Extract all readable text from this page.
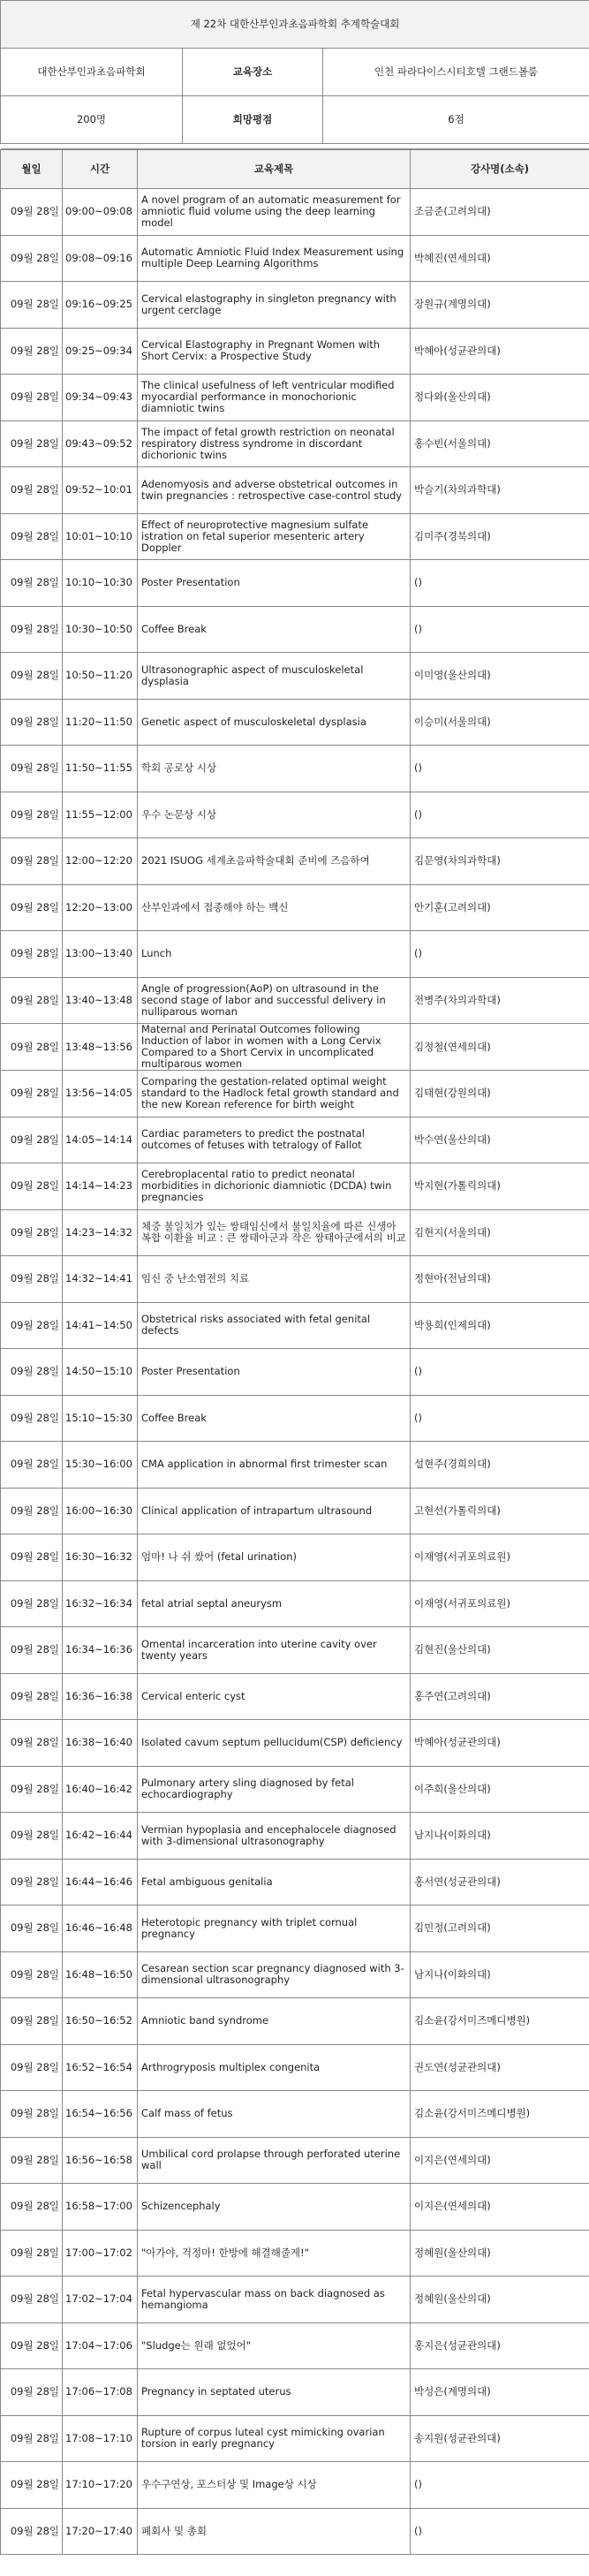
제 22차 대한산부인과초음파학회 추계학술대회		
대한산부인과초음파학회	교육장소	인천 파라다이스시티호텔 그랜드볼룸
200명	희망평점	6점

월일	시간	교육제목	강사명(소속)
09월 28일	09:00~09:08	A novel program of an automatic measurement for amniotic fluid volume using the deep learning model	조금준(고려의대)
09월 28일	09:08~09:16	Automatic Amniotic Fluid Index Measurement using multiple Deep Learning Algorithms	박혜진(연세의대)
09월 28일	09:16~09:25	Cervical elastography in singleton pregnancy with urgent cerclage	장원규(계명의대)
09월 28일	09:25~09:34	Cervical Elastography in Pregnant Women with Short Cervix: a Prospective Study	박혜아(성균관의대)
09월 28일	09:34~09:43	The clinical usefulness of left ventricular modified myocardial performance in monochorionic diamniotic twins	정다와(울산의대)
09월 28일	09:43~09:52	The impact of fetal growth restriction on neonatal respiratory distress syndrome in discordant dichorionic twins	홍수빈(서울의대)
09월 28일	09:52~10:01	Adenomyosis and adverse obstetrical outcomes in twin pregnancies : retrospective case-control study	박슬기(차의과학대)
09월 28일	10:01~10:10	Effect of neuroprotective magnesium sulfate istration on fetal superior mesenteric artery Doppler	김미주(경북의대)
09월 28일	10:10~10:30	Poster Presentation	()
09월 28일	10:30~10:50	Coffee Break	()
09월 28일	10:50~11:20	Ultrasonographic aspect of musculoskeletal dysplasia	이미영(울산의대)
09월 28일	11:20~11:50	Genetic aspect of musculoskeletal dysplasia	이승미(서울의대)
09월 28일	11:50~11:55	학회 공로상 시상	()
09월 28일	11:55~12:00	우수 논문상 시상	()
09월 28일	12:00~12:20	2021 ISUOG 세계초음파학술대회 준비에 즈음하여	김문영(차의과학대)
09월 28일	12:20~13:00	산부인과에서 접종해야 하는 백신	안기훈(고려의대)
09월 28일	13:00~13:40	Lunch	()
09월 28일	13:40~13:48	Angle of progression(AoP) on ultrasound in the second stage of labor and successful delivery in nulliparous woman	전병주(차의과학대)
09월 28일	13:48~13:56	Maternal and Perinatal Outcomes following Induction of labor in women with a Long Cervix Compared to a Short Cervix in uncomplicated multiparous women	김정철(연세의대)
09월 28일	13:56~14:05	Comparing the gestation-related optimal weight standard to the Hadlock fetal growth standard and the new Korean reference for birth weight	김태현(강원의대)
09월 28일	14:05~14:14	Cardiac parameters to predict the postnatal outcomes of fetuses with tetralogy of Fallot	박수연(울산의대)
09월 28일	14:14~14:23	Cerebroplacental ratio to predict neonatal morbidities in dichorionic diamniotic (DCDA) twin pregnancies	박지현(가톨릭의대)
09월 28일	14:23~14:32	체중 불일치가 있는 쌍태임신에서 불일치율에 따른 신생아 복합 이환율 비교 : 큰 쌍태아군과 작은 쌍태아군에서의 비교	김현지(서울의대)
09월 28일	14:32~14:41	임신 중 난소염전의 치료	정현아(전남의대)
09월 28일	14:41~14:50	Obstetrical risks associated with fetal genital defects	박용희(인제의대)
09월 28일	14:50~15:10	Poster Presentation	()
09월 28일	15:10~15:30	Coffee Break	()
09월 28일	15:30~16:00	CMA application in abnormal first trimester scan	설현주(경희의대)
09월 28일	16:00~16:30	Clinical application of intrapartum ultrasound	고현선(가톨릭의대)
09월 28일	16:30~16:32	엄마! 나 쉬 쌌어 (fetal urination)	이재영(서귀포의료원)
09월 28일	16:32~16:34	fetal atrial septal aneurysm	이재영(서귀포의료원)
09월 28일	16:34~16:36	Omental incarceration into uterine cavity over twenty years	김현진(울산의대)
09월 28일	16:36~16:38	Cervical enteric cyst	홍주연(고려의대)
09월 28일	16:38~16:40	Isolated cavum septum pellucidum(CSP) deficiency	박혜아(성균관의대)
09월 28일	16:40~16:42	Pulmonary artery sling diagnosed by fetal echocardiography	이주희(울산의대)
09월 28일	16:42~16:44	Vermian hypoplasia and encephalocele diagnosed with 3-dimensional ultrasonography	남지나(이화의대)
09월 28일	16:44~16:46	Fetal ambiguous genitalia	홍서연(성균관의대)
09월 28일	16:46~16:48	Heterotopic pregnancy with triplet cornual pregnancy	김민정(고려의대)
09월 28일	16:48~16:50	Cesarean section scar pregnancy diagnosed with 3-dimensional ultrasonography	남지나(이화의대)
09월 28일	16:50~16:52	Amniotic band syndrome	김소윤(강서미즈메디병원)
09월 28일	16:52~16:54	Arthrogryposis multiplex congenita	권도연(성균관의대)
09월 28일	16:54~16:56	Calf mass of fetus	김소윤(강서미즈메디병원)
09월 28일	16:56~16:58	Umbilical cord prolapse through perforated uterine wall	이지은(연세의대)
09월 28일	16:58~17:00	Schizencephaly	이지은(연세의대)
09월 28일	17:00~17:02	"아가야, 걱정마! 한방에 해결해줄게!"	정혜원(울산의대)
09월 28일	17:02~17:04	Fetal hypervascular mass on back diagnosed as hemangioma	정혜원(울산의대)
09월 28일	17:04~17:06	"Sludge는 원래 없었어"	홍지은(성균관의대)
09월 28일	17:06~17:08	Pregnancy in septated uterus	박성은(계명의대)
09월 28일	17:08~17:10	Rupture of corpus luteal cyst mimicking ovarian torsion in early pregnancy	송지원(성균관의대)
09월 28일	17:10~17:20	우수구연상, 포스터상 및 Image상 시상	()
09월 28일	17:20~17:40	폐회사 및 총회	()
